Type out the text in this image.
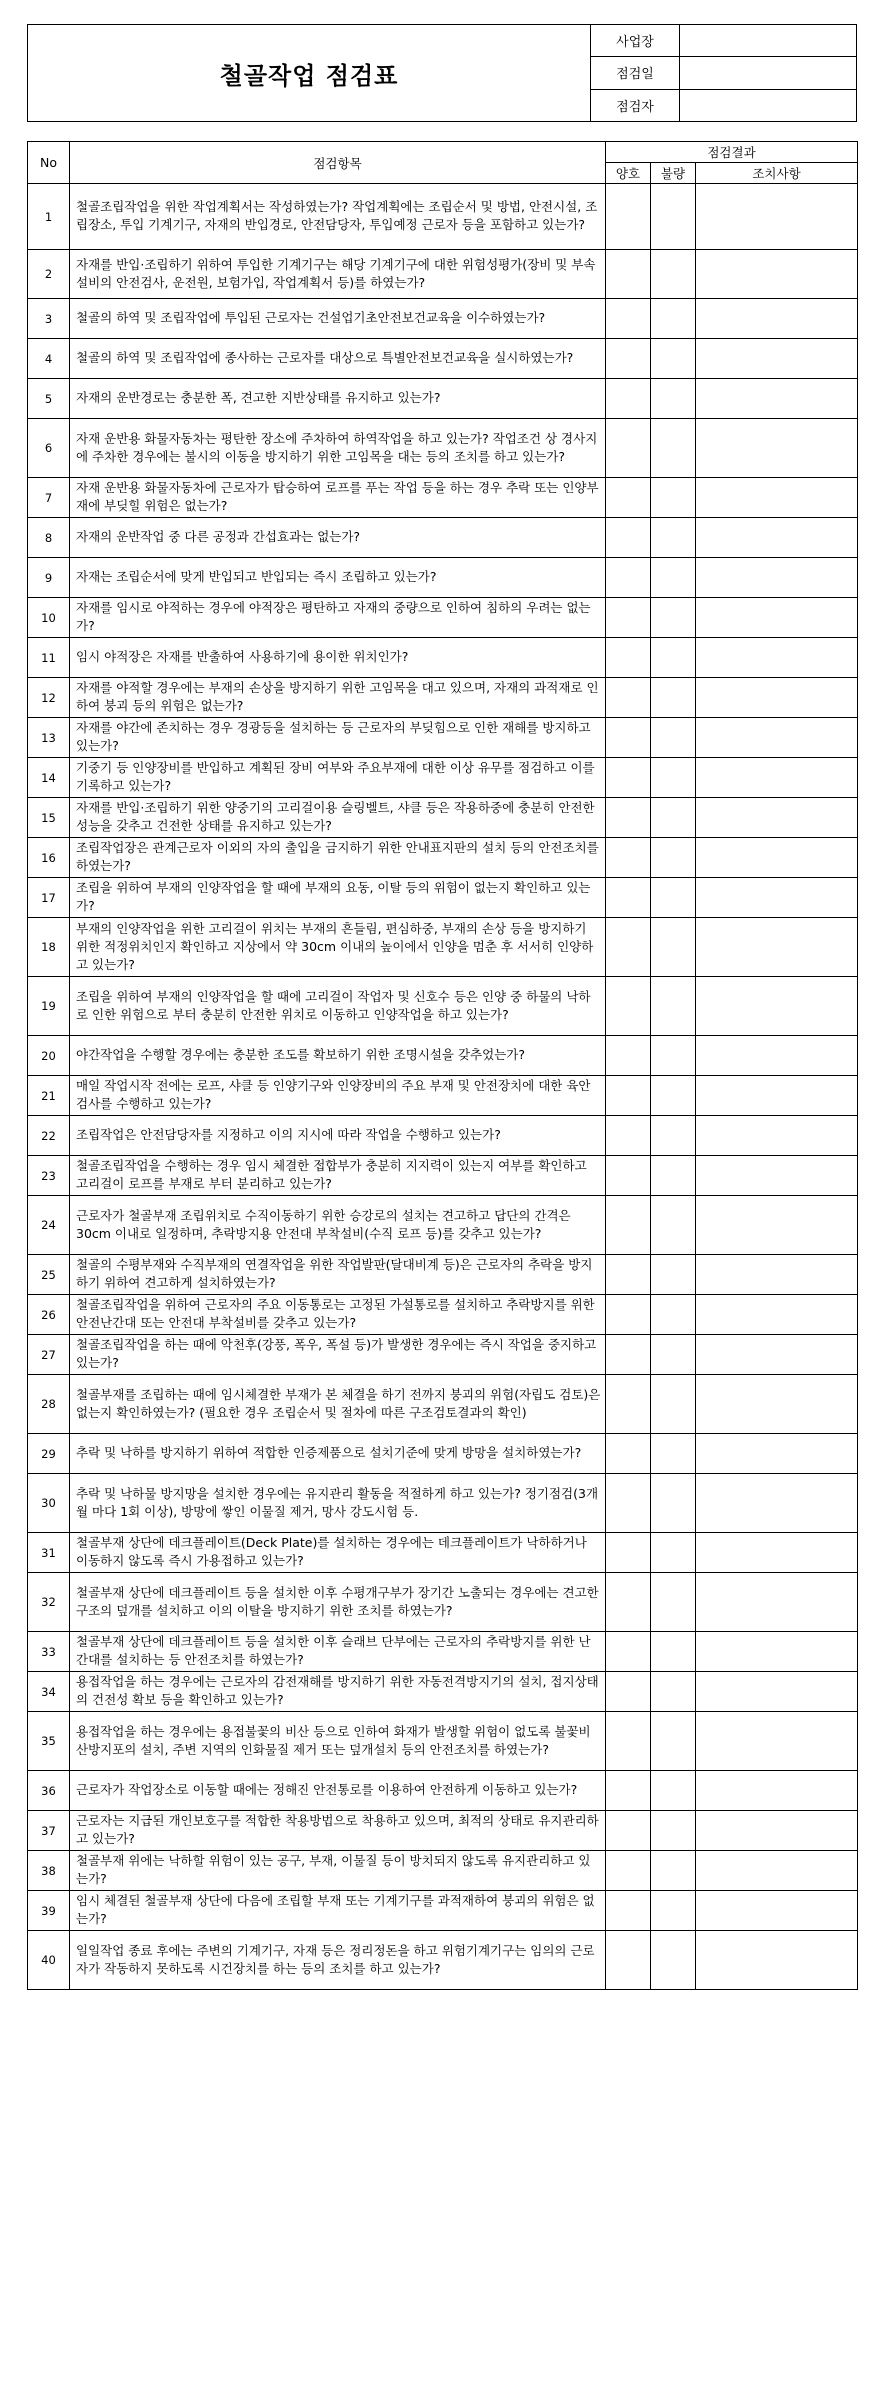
철골작업 점검표
사업장
점검일
점검자
No	점검항목	점검결과		
		양호	불량	조치사항
1	철골조립작업을 위한 작업계획서는 작성하였는가? 작업계획에는 조립순서 및 방법, 안전시설, 조립장소, 투입 기계기구, 자재의 반입경로, 안전담당자, 투입예정 근로자 등을 포함하고 있는가?			
2	자재를 반입·조립하기 위하여 투입한 기계기구는 해당 기계기구에 대한 위험성평가(장비 및 부속설비의 안전검사, 운전원, 보험가입, 작업계획서 등)를 하였는가?			
3	철골의 하역 및 조립작업에 투입된 근로자는 건설업기초안전보건교육을 이수하였는가?			
4	철골의 하역 및 조립작업에 종사하는 근로자를 대상으로 특별안전보건교육을 실시하였는가?			
5	자재의 운반경로는 충분한 폭, 견고한 지반상태를 유지하고 있는가?			
6	자재 운반용 화물자동차는 평탄한 장소에 주차하여 하역작업을 하고 있는가? 작업조건 상 경사지에 주차한 경우에는 불시의 이동을 방지하기 위한 고임목을 대는 등의 조치를 하고 있는가?			
7	자재 운반용 화물자동차에 근로자가 탑승하여 로프를 푸는 작업 등을 하는 경우 추락 또는 인양부재에 부딪힐 위험은 없는가?			
8	자재의 운반작업 중 다른 공정과 간섭효과는 없는가?			
9	자재는 조립순서에 맞게 반입되고 반입되는 즉시 조립하고 있는가?			
10	자재를 임시로 야적하는 경우에 야적장은 평탄하고 자재의 중량으로 인하여 침하의 우려는 없는가?			
11	임시 야적장은 자재를 반출하여 사용하기에 용이한 위치인가?			
12	자재를 야적할 경우에는 부재의 손상을 방지하기 위한 고임목을 대고 있으며, 자재의 과적재로 인하여 붕괴 등의 위험은 없는가?			
13	자재를 야간에 존치하는 경우 경광등을 설치하는 등 근로자의 부딪힘으로 인한 재해를 방지하고 있는가?			
14	기중기 등 인양장비를 반입하고 계획된 장비 여부와 주요부재에 대한 이상 유무를 점검하고 이를 기록하고 있는가?			
15	자재를 반입·조립하기 위한 양중기의 고리걸이용 슬링벨트, 샤클 등은 작용하중에 충분히 안전한 성능을 갖추고 건전한 상태를 유지하고 있는가?			
16	조립작업장은 관계근로자 이외의 자의 출입을 금지하기 위한 안내표지판의 설치 등의 안전조치를 하였는가?			
17	조립을 위하여 부재의 인양작업을 할 때에 부재의 요동, 이탈 등의 위험이 없는지 확인하고 있는가?			
18	부재의 인양작업을 위한 고리걸이 위치는 부재의 흔들림, 편심하중, 부재의 손상 등을 방지하기 위한 적정위치인지 확인하고 지상에서 약 30cm 이내의 높이에서 인양을 멈춘 후 서서히 인양하고 있는가?			
19	조립을 위하여 부재의 인양작업을 할 때에 고리걸이 작업자 및 신호수 등은 인양 중 하물의 낙하로 인한 위험으로 부터 충분히 안전한 위치로 이동하고 인양작업을 하고 있는가?			
20	야간작업을 수행할 경우에는 충분한 조도를 확보하기 위한 조명시설을 갖추었는가?			
21	매일 작업시작 전에는 로프, 샤클 등 인양기구와 인양장비의 주요 부재 및 안전장치에 대한 육안검사를 수행하고 있는가?			
22	조립작업은 안전담당자를 지정하고 이의 지시에 따라 작업을 수행하고 있는가?			
23	철골조립작업을 수행하는 경우 임시 체결한 접합부가 충분히 지지력이 있는지 여부를 확인하고 고리걸이 로프를 부재로 부터 분리하고 있는가?			
24	근로자가 철골부재 조립위치로 수직이동하기 위한 승강로의 설치는 견고하고 답단의 간격은 30cm 이내로 일정하며, 추락방지용 안전대 부착설비(수직 로프 등)를 갖추고 있는가?			
25	철골의 수평부재와 수직부재의 연결작업을 위한 작업발판(달대비계 등)은 근로자의 추락을 방지하기 위하여 견고하게 설치하였는가?			
26	철골조립작업을 위하여 근로자의 주요 이동통로는 고정된 가설통로를 설치하고 추락방지를 위한 안전난간대 또는 안전대 부착설비를 갖추고 있는가?			
27	철골조립작업을 하는 때에 악천후(강풍, 폭우, 폭설 등)가 발생한 경우에는 즉시 작업을 중지하고 있는가?			
28	철골부재를 조립하는 때에 임시체결한 부재가 본 체결을 하기 전까지 붕괴의 위험(자립도 검토)은 없는지 확인하였는가? (필요한 경우 조립순서 및 절차에 따른 구조검토결과의 확인)			
29	추락 및 낙하를 방지하기 위하여 적합한 인증제품으로 설치기준에 맞게 방망을 설치하였는가?			
30	추락 및 낙하물 방지망을 설치한 경우에는 유지관리 활동을 적절하게 하고 있는가? 정기점검(3개월 마다 1회 이상), 방망에 쌓인 이물질 제거, 망사 강도시험 등.			
31	철골부재 상단에 데크플레이트(Deck Plate)를 설치하는 경우에는 데크플레이트가 낙하하거나 이동하지 않도록 즉시 가용접하고 있는가?			
32	철골부재 상단에 데크플레이트 등을 설치한 이후 수평개구부가 장기간 노출되는 경우에는 견고한 구조의 덮개를 설치하고 이의 이탈을 방지하기 위한 조치를 하였는가?			
33	철골부재 상단에 데크플레이트 등을 설치한 이후 슬래브 단부에는 근로자의 추락방지를 위한 난간대를 설치하는 등 안전조치를 하였는가?			
34	용접작업을 하는 경우에는 근로자의 감전재해를 방지하기 위한 자동전격방지기의 설치, 접지상태의 건전성 확보 등을 확인하고 있는가?			
35	용접작업을 하는 경우에는 용접불꽃의 비산 등으로 인하여 화재가 발생할 위험이 없도록 불꽃비산방지포의 설치, 주변 지역의 인화물질 제거 또는 덮개설치 등의 안전조치를 하였는가?			
36	근로자가 작업장소로 이동할 때에는 정해진 안전통로를 이용하여 안전하게 이동하고 있는가?			
37	근로자는 지급된 개인보호구를 적합한 착용방법으로 착용하고 있으며, 최적의 상태로 유지관리하고 있는가?			
38	철골부재 위에는 낙하할 위험이 있는 공구, 부재, 이물질 등이 방치되지 않도록 유지관리하고 있는가?			
39	임시 체결된 철골부재 상단에 다음에 조립할 부재 또는 기계기구를 과적재하여 붕괴의 위험은 없는가?			
40	일일작업 종료 후에는 주변의 기계기구, 자재 등은 정리정돈을 하고 위험기계기구는 임의의 근로자가 작동하지 못하도록 시건장치를 하는 등의 조치를 하고 있는가?			
